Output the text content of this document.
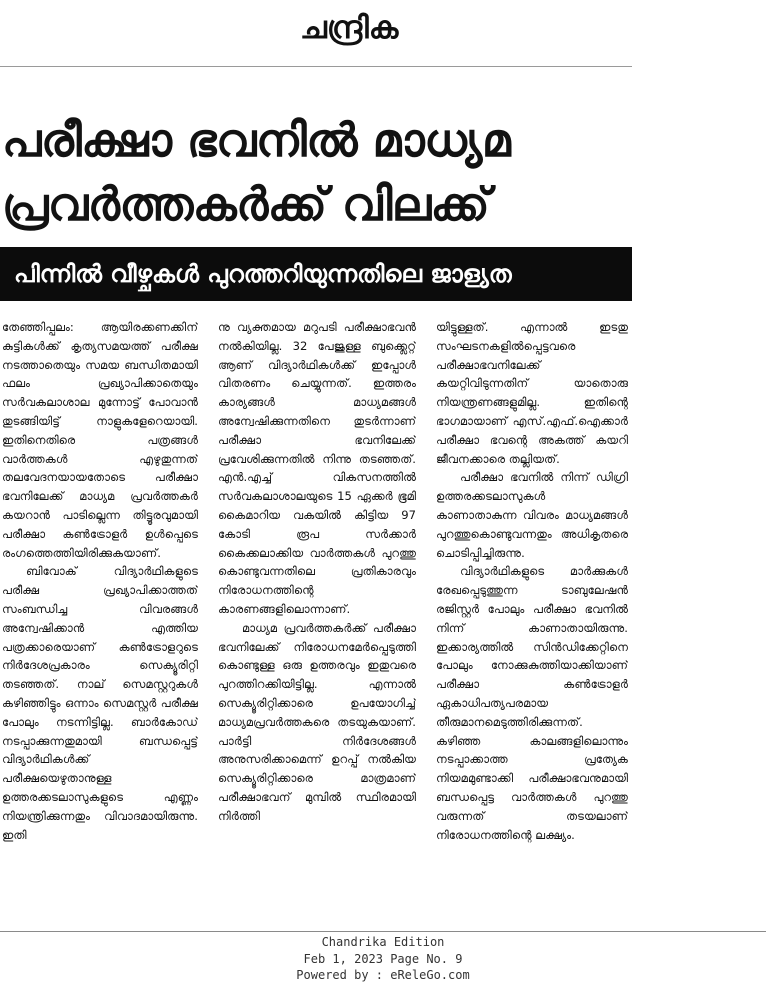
ചന്ദ്രിക
പരീക്ഷാ ഭവനിൽ മാധ്യമ
പ്രവർത്തകർക്ക് വിലക്ക്
പിന്നിൽ വീഴ്ചകൾ പുറത്തറിയുന്നതിലെ ജാള്യത

തേഞ്ഞിപ്പലം: ആയിരക്കണക്കിന് കുട്ടികൾക്ക് കൃത്യസമയത്ത് പരീക്ഷ നടത്താതെയും സമയ ബന്ധിതമായി ഫലം പ്രഖ്യാപിക്കാതെയും സർവകലാശാല മുന്നോട്ട് പോവാൻ തുടങ്ങിയിട്ട് നാളുകളേറെയായി. ഇതിനെതിരെ പത്രങ്ങൾ വാർത്തകൾ എഴുതുന്നത് തലവേദനയായതോടെ പരീക്ഷാ ഭവനിലേക്ക് മാധ്യമ പ്രവർത്തകർ കയറാൻ പാടില്ലെന്ന തിട്ടൂരവുമായി പരീക്ഷാ കൺട്രോളർ ഉൾപ്പെടെ രംഗത്തെത്തിയിരിക്കുകയാണ്.

ബിവോക് വിദ്യാർഥികളുടെ പരീക്ഷ പ്രഖ്യാപിക്കാത്തത് സംബന്ധിച്ച വിവരങ്ങൾ അന്വേഷിക്കാൻ എത്തിയ പത്രക്കാരെയാണ് കൺട്രോളറുടെ നിർദേശപ്രകാരം സെക്യൂരിറ്റി തടഞ്ഞത്. നാല് സെമസ്റ്ററുകൾ കഴിഞ്ഞിട്ടും ഒന്നാം സെമസ്റ്റർ പരീക്ഷ പോലും നടന്നിട്ടില്ല. ബാർകോഡ് നടപ്പാക്കുന്നതുമായി ബന്ധപ്പെട്ട് വിദ്യാർഥികൾക്ക് പരീക്ഷയെഴുതാനുള്ള ഉത്തരക്കടലാസുകളുടെ എണ്ണം നിയന്ത്രിക്കുന്നതും വിവാദമായിരുന്നു. ഇതി

നു വ്യക്തമായ മറുപടി പരീക്ഷാഭവൻ നൽകിയില്ല. 32 പേജുള്ള ബുക്ക്ലെറ്റ് ആണ് വിദ്യാർഥികൾക്ക് ഇപ്പോൾ വിതരണം ചെയ്യുന്നത്. ഇത്തരം കാര്യങ്ങൾ മാധ്യമങ്ങൾ അന്വേഷിക്കുന്നതിനെ തുടർന്നാണ് പരീക്ഷാ ഭവനിലേക്ക് പ്രവേശിക്കുന്നതിൽ നിന്നു തടഞ്ഞത്. എൻ.എച്ച് വികസനത്തിൽ സർവകലാശാലയുടെ 15 ഏക്കർ ഭൂമി കൈമാറിയ വകയിൽ കിട്ടിയ 97 കോടി രൂപ സർക്കാർ കൈക്കലാക്കിയ വാർത്തകൾ പുറത്തു കൊണ്ടുവന്നതിലെ പ്രതികാരവും നിരോധനത്തിന്റെ കാരണങ്ങളിലൊന്നാണ്.

മാധ്യമ പ്രവർത്തകർക്ക് പരീക്ഷാ ഭവനിലേക്ക് നിരോധനമേർപ്പെടുത്തി കൊണ്ടുള്ള ഒരു ഉത്തരവും ഇതുവരെ പുറത്തിറക്കിയിട്ടില്ല. എന്നാൽ സെക്യൂരിറ്റിക്കാരെ ഉപയോഗിച്ച് മാധ്യമപ്രവർത്തകരെ തടയുകയാണ്. പാർട്ടി നിർദേശങ്ങൾ അനുസരിക്കാമെന്ന് ഉറപ്പ് നൽകിയ സെക്യൂരിറ്റിക്കാരെ മാത്രമാണ് പരീക്ഷാഭവന് മുമ്പിൽ സ്ഥിരമായി നിർത്തി

യിട്ടുള്ളത്. എന്നാൽ ഇടതു സംഘടനകളിൽപ്പെട്ടവരെ പരീക്ഷാഭവനിലേക്ക് കയറ്റിവിടുന്നതിന് യാതൊരു നിയന്ത്രണങ്ങളുമില്ല. ഇതിന്റെ ഭാഗമായാണ് എസ്.എഫ്.ഐക്കാർ പരീക്ഷാ ഭവന്റെ അകത്ത് കയറി ജീവനക്കാരെ തല്ലിയത്.

പരീക്ഷാ ഭവനിൽ നിന്ന് ഡിഗ്രി ഉത്തരക്കടലാസുകൾ കാണാതാകുന്ന വിവരം മാധ്യമങ്ങൾ പുറത്തുകൊണ്ടുവന്നതും അധികൃതരെ ചൊടിപ്പിച്ചിരുന്നു.

വിദ്യാർഥികളുടെ മാർക്കുകൾ രേഖപ്പെടുത്തുന്ന ടാബുലേഷൻ രജിസ്റ്റർ പോലും പരീക്ഷാ ഭവനിൽ നിന്ന് കാണാതായിരുന്നു. ഇക്കാര്യത്തിൽ സിൻഡിക്കേറ്റിനെ പോലും നോക്കുകുത്തിയാക്കിയാണ് പരീക്ഷാ കൺട്രോളർ ഏകാധിപത്യപരമായ തീരുമാനമെടുത്തിരിക്കുന്നത്. കഴിഞ്ഞ കാലങ്ങളിലൊന്നും നടപ്പാക്കാത്ത പ്രത്യേക നിയമമുണ്ടാക്കി പരീക്ഷാഭവനുമായി ബന്ധപ്പെട്ട വാർത്തകൾ പുറത്തു വരുന്നത് തടയലാണ് നിരോധനത്തിന്റെ ലക്ഷ്യം.

Chandrika Edition
Feb 1, 2023 Page No. 9
Powered by : eReleGo.com
